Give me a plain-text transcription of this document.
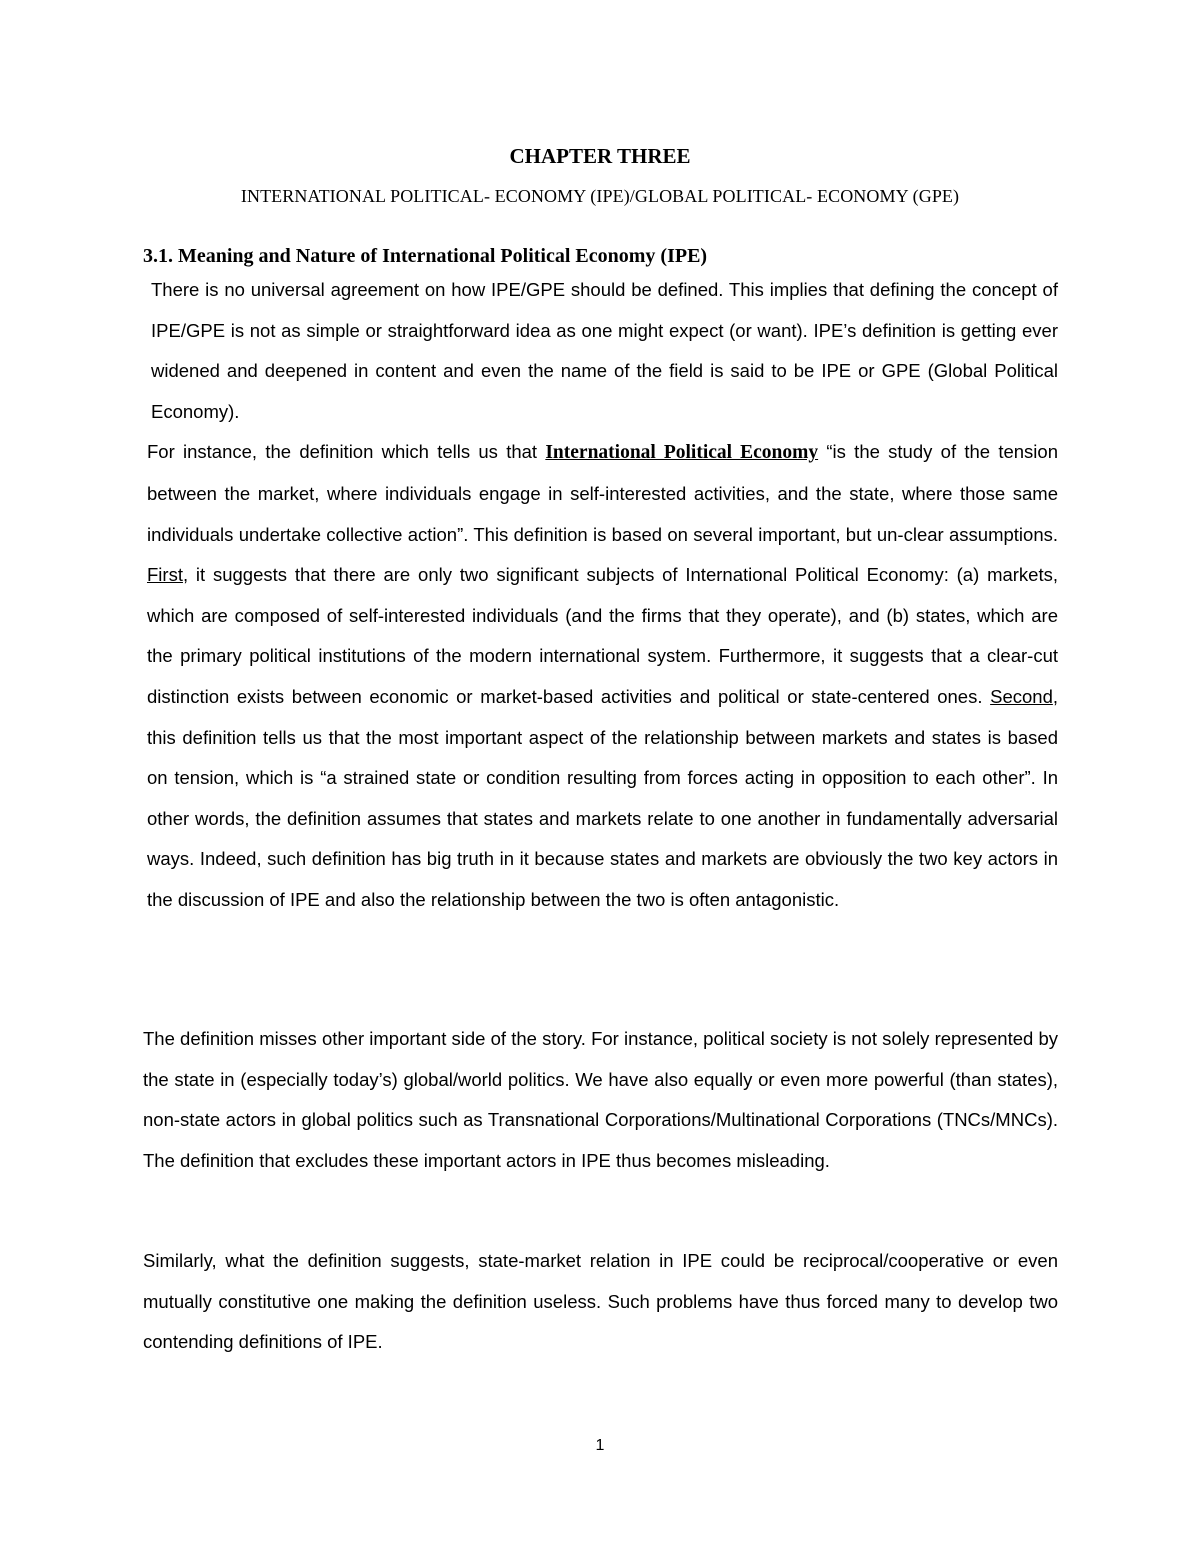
CHAPTER THREE
INTERNATIONAL POLITICAL- ECONOMY (IPE)/GLOBAL POLITICAL- ECONOMY (GPE)
3.1. Meaning and Nature of International Political Economy (IPE)

There is no universal agreement on how IPE/GPE should be defined. This implies that defining the concept of IPE/GPE is not as simple or straightforward idea as one might expect (or want). IPE’s definition is getting ever widened and deepened in content and even the name of the field is said to be IPE or GPE (Global Political Economy).

For instance, the definition which tells us that International Political Economy “is the study of the tension between the market, where individuals engage in self-interested activities, and the state, where those same individuals undertake collective action”. This definition is based on several important, but un-clear assumptions. First, it suggests that there are only two significant subjects of International Political Economy: (a) markets, which are composed of self-interested individuals (and the firms that they operate), and (b) states, which are the primary political institutions of the modern international system. Furthermore, it suggests that a clear-cut distinction exists between economic or market-based activities and political or state-centered ones. Second, this definition tells us that the most important aspect of the relationship between markets and states is based on tension, which is “a strained state or condition resulting from forces acting in opposition to each other”. In other words, the definition assumes that states and markets relate to one another in fundamentally adversarial ways. Indeed, such definition has big truth in it because states and markets are obviously the two key actors in the discussion of IPE and also the relationship between the two is often antagonistic.

The definition misses other important side of the story. For instance, political society is not solely represented by the state in (especially today’s) global/world politics. We have also equally or even more powerful (than states), non-state actors in global politics such as Transnational Corporations/Multinational Corporations (TNCs/MNCs). The definition that excludes these important actors in IPE thus becomes misleading.

Similarly, what the definition suggests, state-market relation in IPE could be reciprocal/cooperative or even mutually constitutive one making the definition useless. Such problems have thus forced many to develop two contending definitions of IPE.

1
